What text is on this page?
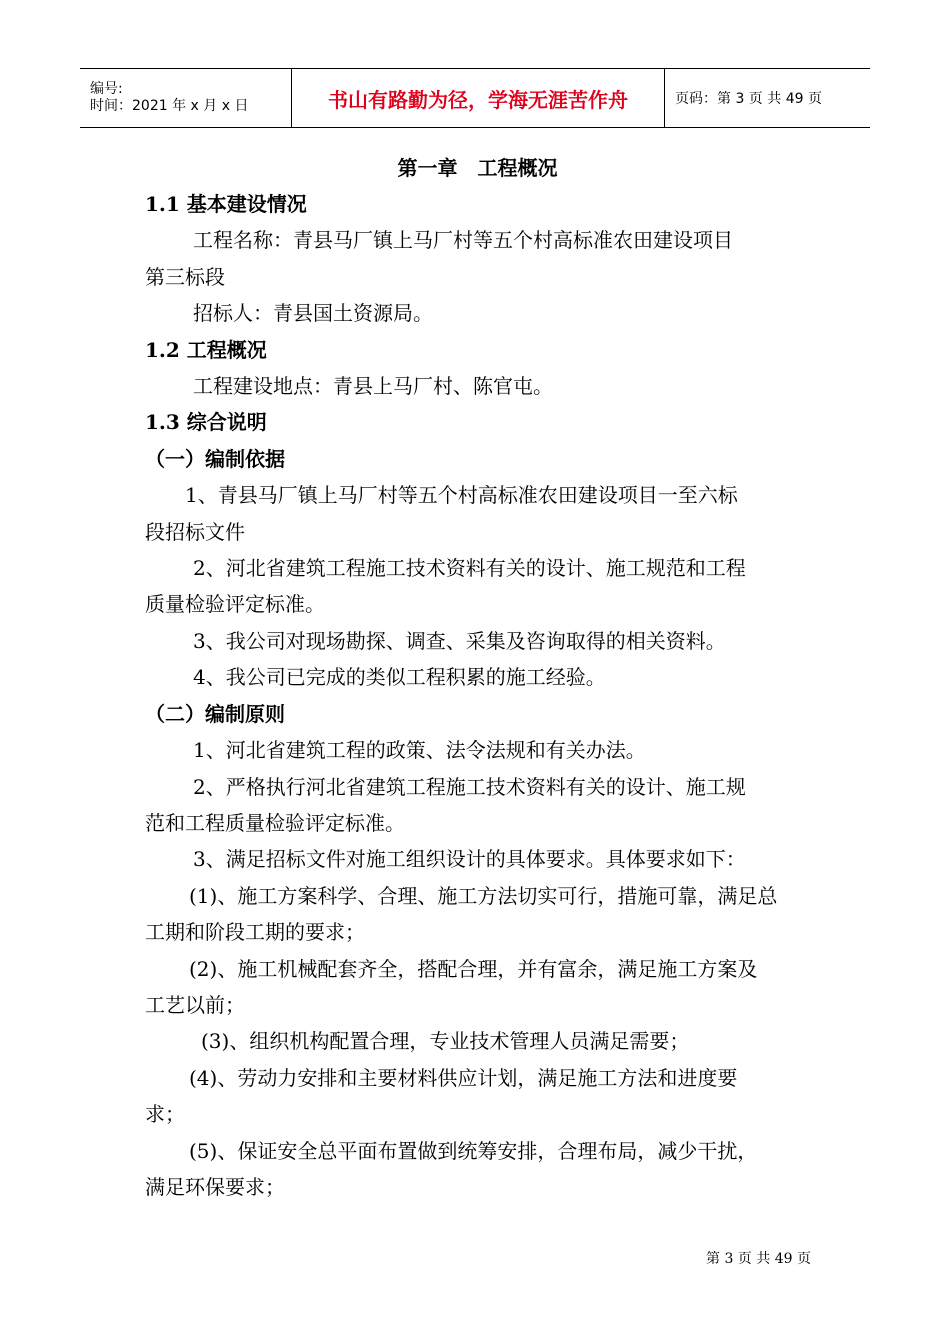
编号:
时间：2021 年 x 月 x 日	书山有路勤为径，学海无涯苦作舟	页码：第 3 页 共 49 页

第一章　工程概况

1.1 基本建设情况

工程名称：青县马厂镇上马厂村等五个村高标准农田建设项目

第三标段

招标人：青县国土资源局。

1.2 工程概况

工程建设地点：青县上马厂村、陈官屯。

1.3 综合说明

（一）编制依据

1、青县马厂镇上马厂村等五个村高标准农田建设项目一至六标

段招标文件

2、河北省建筑工程施工技术资料有关的设计、施工规范和工程

质量检验评定标准。

3、我公司对现场勘探、调查、采集及咨询取得的相关资料。

4、我公司已完成的类似工程积累的施工经验。

（二）编制原则

1、河北省建筑工程的政策、法令法规和有关办法。

2、严格执行河北省建筑工程施工技术资料有关的设计、施工规

范和工程质量检验评定标准。

3、满足招标文件对施工组织设计的具体要求。具体要求如下：

(1)、施工方案科学、合理、施工方法切实可行，措施可靠，满足总

工期和阶段工期的要求；

(2)、施工机械配套齐全，搭配合理，并有富余，满足施工方案及

工艺以前；

(3)、组织机构配置合理，专业技术管理人员满足需要；

(4)、劳动力安排和主要材料供应计划，满足施工方法和进度要

求；

(5)、保证安全总平面布置做到统筹安排，合理布局，减少干扰，

满足环保要求；

第 3 页 共 49 页
